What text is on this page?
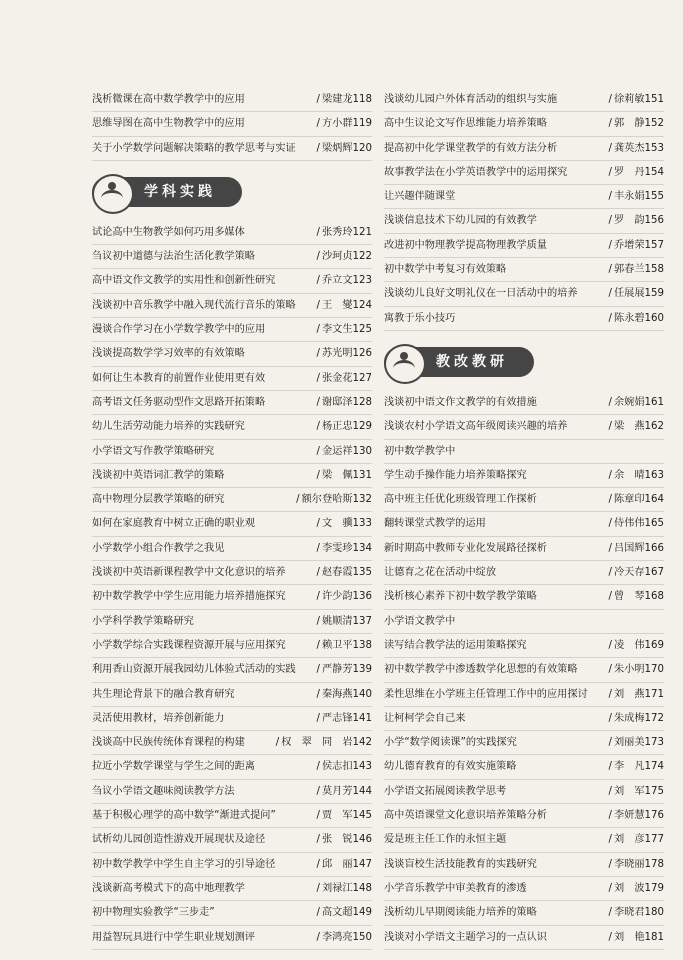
浅析微课在高中数学教学中的应用	/ 梁建龙118
思维导图在高中生物教学中的应用	/ 方小群119
关于小学数学问题解决策略的教学思考与实证	/ 梁炳辉120
学科实践
试论高中生物教学如何巧用多媒体	/ 张秀玲121
刍议初中道德与法治生活化教学策略	/ 沙珂贞122
高中语文作文教学的实用性和创新性研究	/ 乔立文123
浅谈初中音乐教学中融入现代流行音乐的策略	/ 王　燮124
漫谈合作学习在小学数学教学中的应用	/ 李文生125
浅谈提高数学学习效率的有效策略	/ 苏光明126
如何让生本教育的前置作业使用更有效	/ 张金花127
高考语文任务驱动型作文思路开拓策略	/ 谢邸泽128
幼儿生活劳动能力培养的实践研究	/ 杨正忠129
小学语文写作教学策略研究	/ 金运祥130
浅谈初中英语词汇教学的策略	/ 梁　佩131
高中物理分层教学策略的研究	/ 额尔登哈斯132
如何在家庭教育中树立正确的职业观	/ 文　骥133
小学数学小组合作教学之我见	/ 李雯珍134
浅谈初中英语新课程教学中文化意识的培养	/ 赵春霞135
初中数学教学中学生应用能力培养措施探究	/ 许少韵136
小学科学教学策略研究	/ 姚顺清137
小学数学综合实践课程资源开展与应用探究	/ 赖卫平138
利用香山资源开展我园幼儿体验式活动的实践	/ 严静芳139
共生理论背景下的融合教育研究	/ 秦海燕140
灵活使用教材，培养创新能力	/ 严志锋141
浅谈高中民族传统体育课程的构建	/ 权　翠　同　岩142
拉近小学数学课堂与学生之间的距离	/ 侯志扣143
刍议小学语文趣味阅读教学方法	/ 莫月芳144
基于积极心理学的高中数学“渐进式提问”	/ 贾　军145
试析幼儿园创造性游戏开展现状及途径	/ 张　锐146
初中数学教学中学生自主学习的引导途径	/ 邱　丽147
浅谈新高考模式下的高中地理教学	/ 刘禄江148
初中物理实验教学“三步走”	/ 高文超149
用益智玩具进行中学生职业规划测评	/ 李鸿亮150
浅谈幼儿园户外体育活动的组织与实施	/ 徐莉敏151
高中生议论文写作思维能力培养策略	/ 郭　静152
提高初中化学课堂教学的有效方法分析	/ 龚英杰153
故事教学法在小学英语教学中的运用探究	/ 罗　丹154
让兴趣伴随课堂	/ 丰永娟155
浅谈信息技术下幼儿园的有效教学	/ 罗　韵156
改进初中物理教学提高物理教学质量	/ 乔增荣157
初中数学中考复习有效策略	/ 郭春兰158
浅谈幼儿良好文明礼仪在一日活动中的培养	/ 任展展159
寓教于乐小技巧	/ 陈永碧160
教改教研
浅谈初中语文作文教学的有效措施	/ 余婉娟161
浅谈农村小学语文高年级阅读兴趣的培养	/ 梁　燕162
初中数学教学中
学生动手操作能力培养策略探究	/ 余　晴163
高中班主任优化班级管理工作探析	/ 陈章印164
翻转课堂式教学的运用	/ 侍伟伟165
新时期高中教师专业化发展路径探析	/ 吕国辉166
让德育之花在活动中绽放	/ 冷天存167
浅析核心素养下初中数学教学策略	/ 曾　琴168
小学语文教学中
读写结合教学法的运用策略探究	/ 凌　伟169
初中数学教学中渗透数学化思想的有效策略	/ 朱小明170
柔性思维在小学班主任管理工作中的应用探讨	/ 刘　燕171
让柯柯学会自己来	/ 朱成梅172
小学“数学阅读课”的实践探究	/ 刘丽美173
幼儿德育教育的有效实施策略	/ 李　凡174
小学语文拓展阅读教学思考	/ 刘　军175
高中英语课堂文化意识培养策略分析	/ 李妍慧176
爱是班主任工作的永恒主题	/ 刘　彦177
浅谈盲校生活技能教育的实践研究	/ 李晓丽178
小学音乐教学中审美教育的渗透	/ 刘　波179
浅析幼儿早期阅读能力培养的策略	/ 李晓君180
浅谈对小学语文主题学习的一点认识	/ 刘　艳181
